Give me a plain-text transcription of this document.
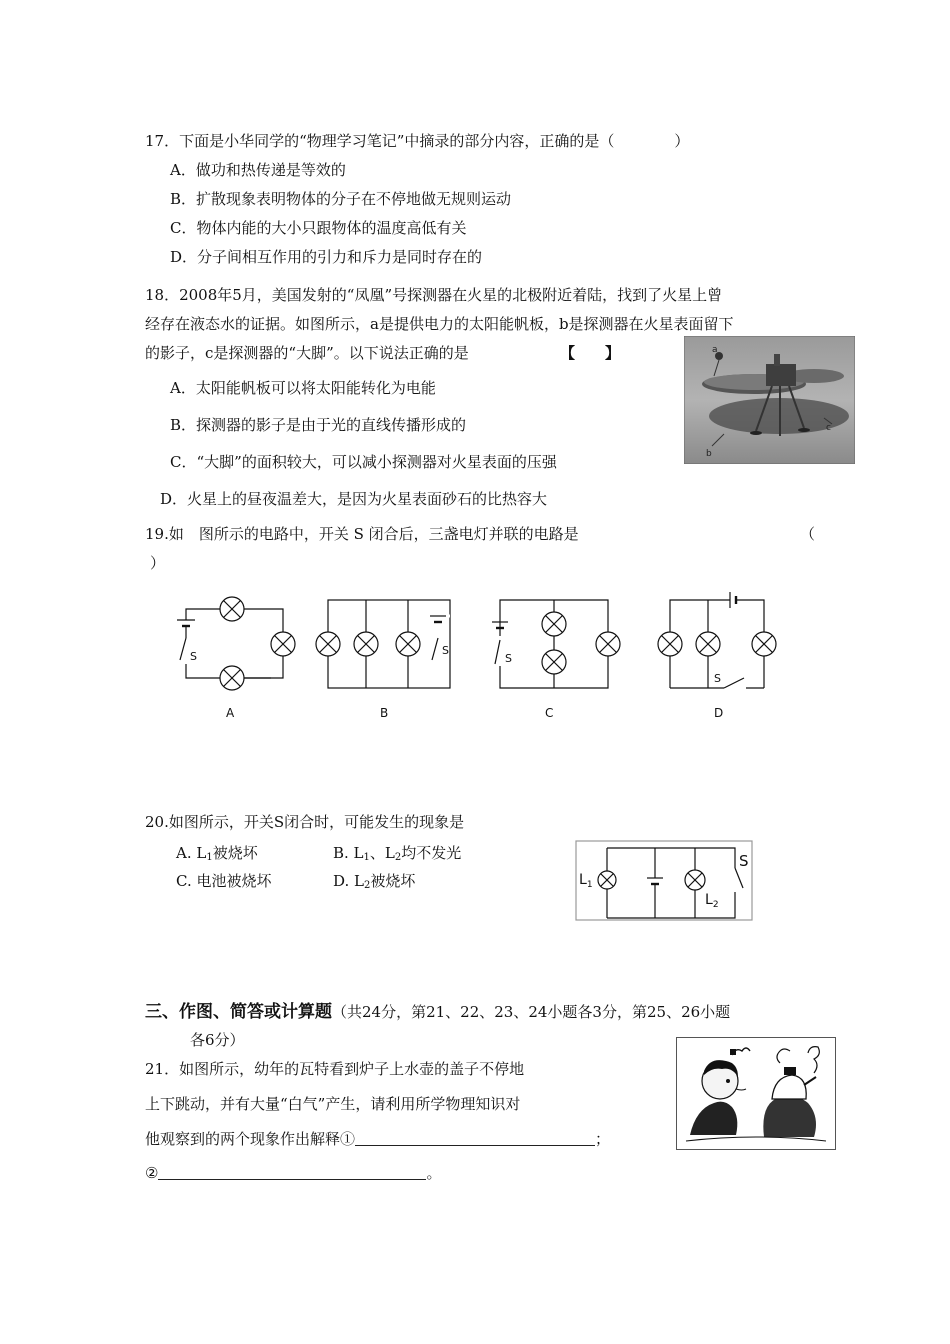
17．下面是小华同学的“物理学习笔记”中摘录的部分内容，正确的是（　　　　）
A．做功和热传递是等效的
B．扩散现象表明物体的分子在不停地做无规则运动
C．物体内能的大小只跟物体的温度高低有关
D．分子间相互作用的引力和斥力是同时存在的
18．2008年5月，美国发射的“凤凰”号探测器在火星的北极附近着陆，找到了火星上曾
经存在液态水的证据。如图所示，a是提供电力的太阳能帆板，b是探测器在火星表面留下
的影子，c是探测器的“大脚”。以下说法正确的是	【　　】
A．太阳能帆板可以将太阳能转化为电能
B．探测器的影子是由于光的直线传播形成的
C．“大脚”的面积较大，可以减小探测器对火星表面的压强
D．火星上的昼夜温差大，是因为火星表面砂石的比热容大
c
b
a
19.如　图所示的电路中，开关 S 闭合后，三盏电灯并联的电路是	（
）
S
A
S
B
S
C
S
D
20.如图所示，开关S闭合时，可能发生的现象是
A. L1被烧坏	B. L1、L2均不发光
C. 电池被烧坏	D. L2被烧坏	$L_1$
$L_2$
S
三、作图、简答或计算题（共24分，第21、22、23、24小题各3分，第25、26小题
各6分）
21．如图所示，幼年的瓦特看到炉子上水壶的盖子不停地
上下跳动，并有大量“白气”产生，请利用所学物理知识对
他观察到的两个现象作出解释①	；
②	。
